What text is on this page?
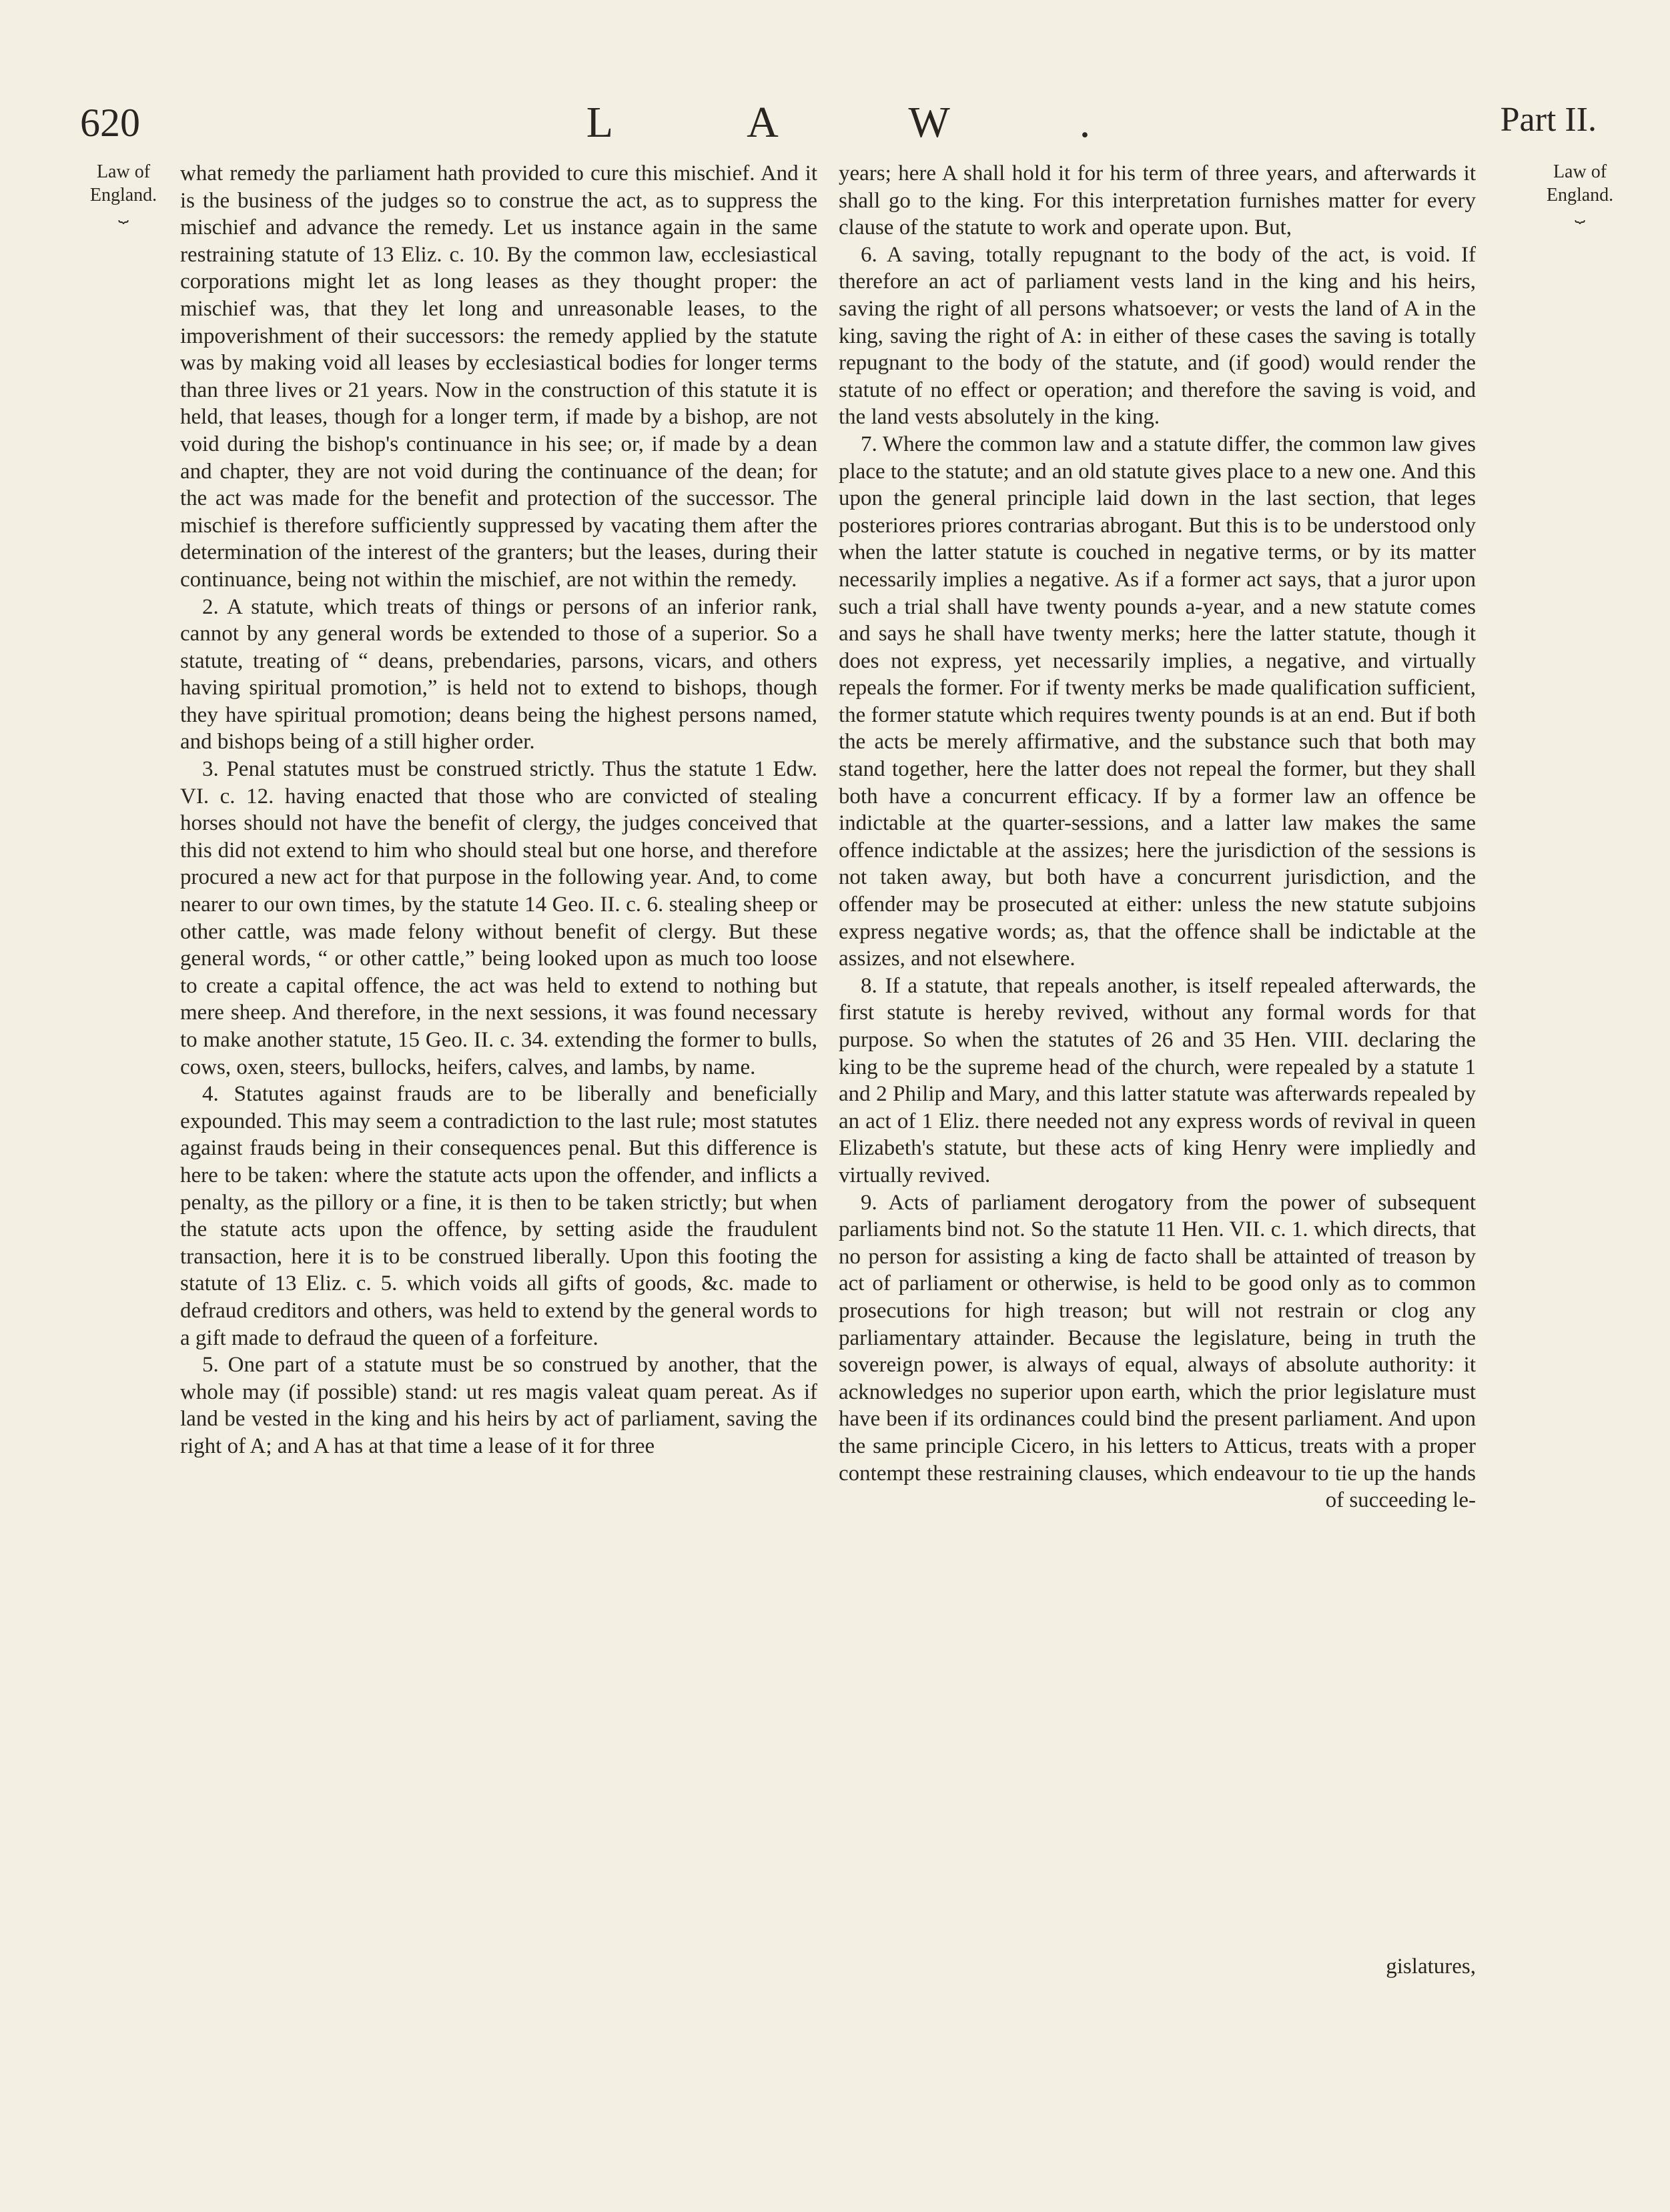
620	LAW.	Part II.
Law of
England.
⏟
Law of
England.
⏟

what remedy the parliament hath provided to cure this mischief. And it is the business of the judges so to construe the act, as to suppress the mischief and advance the remedy. Let us instance again in the same restraining statute of 13 Eliz. c. 10. By the common law, ecclesiastical corporations might let as long leases as they thought proper: the mischief was, that they let long and unreasonable leases, to the impoverishment of their successors: the remedy applied by the statute was by making void all leases by ecclesiastical bodies for longer terms than three lives or 21 years. Now in the construction of this statute it is held, that leases, though for a longer term, if made by a bishop, are not void during the bishop's continuance in his see; or, if made by a dean and chapter, they are not void during the continuance of the dean; for the act was made for the benefit and protection of the successor. The mischief is therefore sufficiently suppressed by vacating them after the determination of the interest of the granters; but the leases, during their continuance, being not within the mischief, are not within the remedy.

2. A statute, which treats of things or persons of an inferior rank, cannot by any general words be extended to those of a superior. So a statute, treating of “ deans, prebendaries, parsons, vicars, and others having spiritual promotion,” is held not to extend to bishops, though they have spiritual promotion; deans being the highest persons named, and bishops being of a still higher order.

3. Penal statutes must be construed strictly. Thus the statute 1 Edw. VI. c. 12. having enacted that those who are convicted of stealing horses should not have the benefit of clergy, the judges conceived that this did not extend to him who should steal but one horse, and therefore procured a new act for that purpose in the following year. And, to come nearer to our own times, by the statute 14 Geo. II. c. 6. stealing sheep or other cattle, was made felony without benefit of clergy. But these general words, “ or other cattle,” being looked upon as much too loose to create a capital offence, the act was held to extend to nothing but mere sheep. And therefore, in the next sessions, it was found necessary to make another statute, 15 Geo. II. c. 34. extending the former to bulls, cows, oxen, steers, bullocks, heifers, calves, and lambs, by name.

4. Statutes against frauds are to be liberally and beneficially expounded. This may seem a contradiction to the last rule; most statutes against frauds being in their consequences penal. But this difference is here to be taken: where the statute acts upon the offender, and inflicts a penalty, as the pillory or a fine, it is then to be taken strictly; but when the statute acts upon the offence, by setting aside the fraudulent transaction, here it is to be construed liberally. Upon this footing the statute of 13 Eliz. c. 5. which voids all gifts of goods, &c. made to defraud creditors and others, was held to extend by the general words to a gift made to defraud the queen of a forfeiture.

5. One part of a statute must be so construed by another, that the whole may (if possible) stand: ut res magis valeat quam pereat. As if land be vested in the king and his heirs by act of parliament, saving the right of A; and A has at that time a lease of it for three

years; here A shall hold it for his term of three years, and afterwards it shall go to the king. For this interpretation furnishes matter for every clause of the statute to work and operate upon. But,

6. A saving, totally repugnant to the body of the act, is void. If therefore an act of parliament vests land in the king and his heirs, saving the right of all persons whatsoever; or vests the land of A in the king, saving the right of A: in either of these cases the saving is totally repugnant to the body of the statute, and (if good) would render the statute of no effect or operation; and therefore the saving is void, and the land vests absolutely in the king.

7. Where the common law and a statute differ, the common law gives place to the statute; and an old statute gives place to a new one. And this upon the general principle laid down in the last section, that leges posteriores priores contrarias abrogant. But this is to be understood only when the latter statute is couched in negative terms, or by its matter necessarily implies a negative. As if a former act says, that a juror upon such a trial shall have twenty pounds a-year, and a new statute comes and says he shall have twenty merks; here the latter statute, though it does not express, yet necessarily implies, a negative, and virtually repeals the former. For if twenty merks be made qualification sufficient, the former statute which requires twenty pounds is at an end. But if both the acts be merely affirmative, and the substance such that both may stand together, here the latter does not repeal the former, but they shall both have a concurrent efficacy. If by a former law an offence be indictable at the quarter-sessions, and a latter law makes the same offence indictable at the assizes; here the jurisdiction of the sessions is not taken away, but both have a concurrent jurisdiction, and the offender may be prosecuted at either: unless the new statute subjoins express negative words; as, that the offence shall be indictable at the assizes, and not elsewhere.

8. If a statute, that repeals another, is itself repealed afterwards, the first statute is hereby revived, without any formal words for that purpose. So when the statutes of 26 and 35 Hen. VIII. declaring the king to be the supreme head of the church, were repealed by a statute 1 and 2 Philip and Mary, and this latter statute was afterwards repealed by an act of 1 Eliz. there needed not any express words of revival in queen Elizabeth's statute, but these acts of king Henry were impliedly and virtually revived.

9. Acts of parliament derogatory from the power of subsequent parliaments bind not. So the statute 11 Hen. VII. c. 1. which directs, that no person for assisting a king de facto shall be attainted of treason by act of parliament or otherwise, is held to be good only as to common prosecutions for high treason; but will not restrain or clog any parliamentary attainder. Because the legislature, being in truth the sovereign power, is always of equal, always of absolute authority: it acknowledges no superior upon earth, which the prior legislature must have been if its ordinances could bind the present parliament. And upon the same principle Cicero, in his letters to Atticus, treats with a proper contempt these restraining clauses, which endeavour to tie up the hands of succeeding le-

gislatures,
